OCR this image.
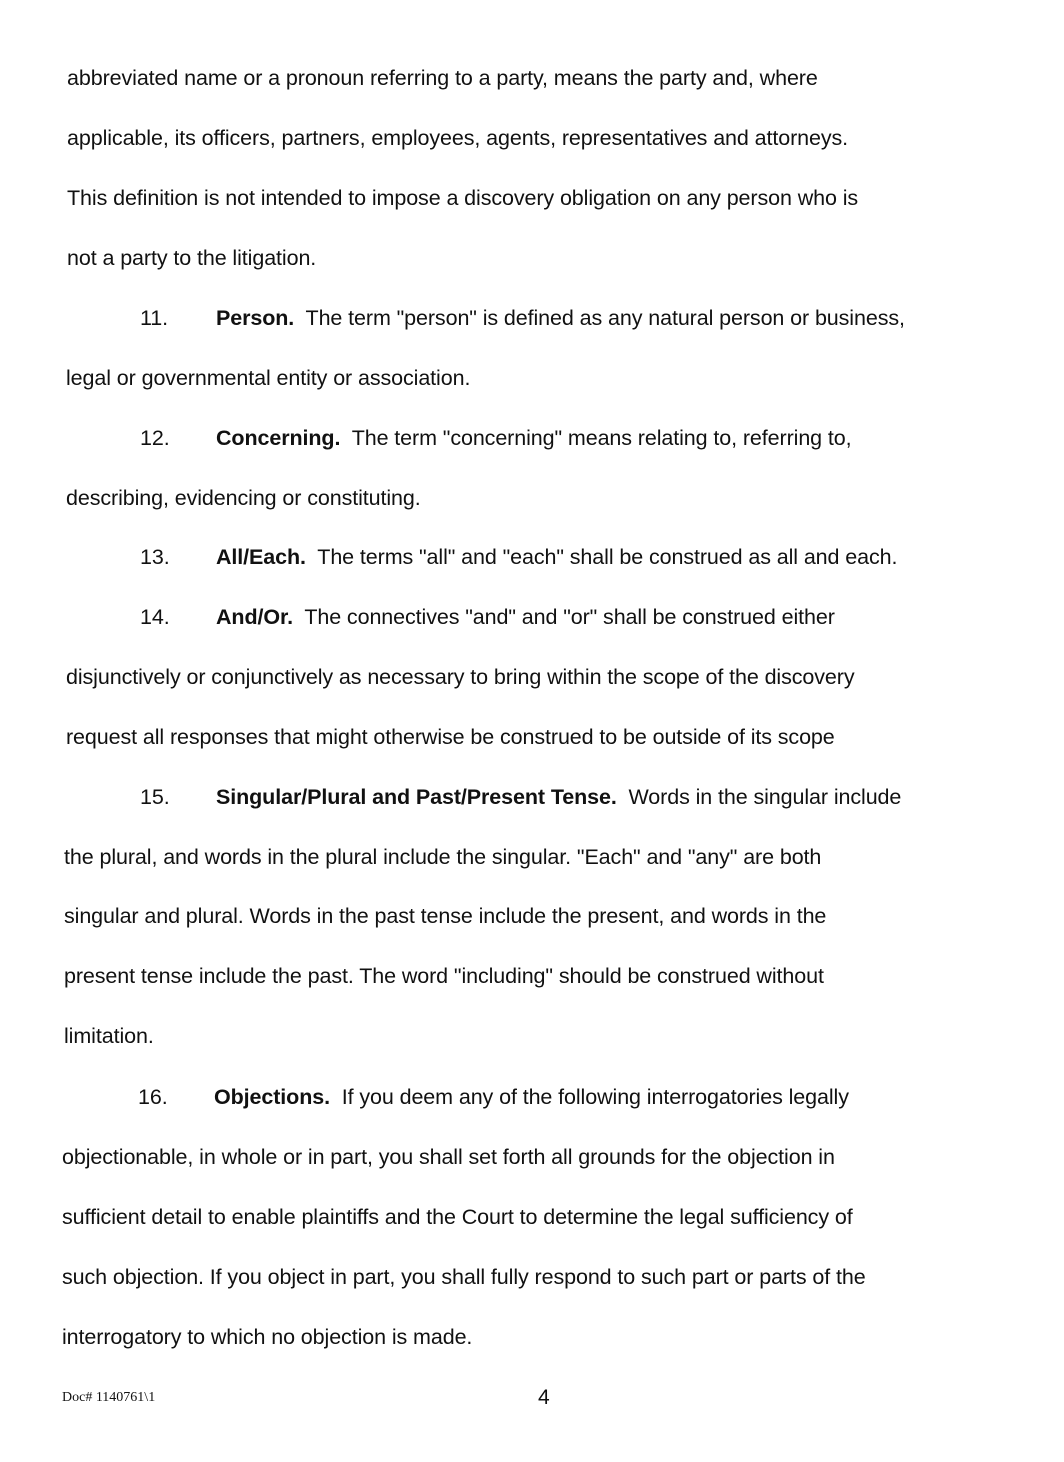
abbreviated name or a pronoun referring to a party, means the party and, where
applicable, its officers, partners, employees, agents, representatives and attorneys.
This definition is not intended to impose a discovery obligation on any person who is
not a party to the litigation.
11. Person. The term "person" is defined as any natural person or business,
legal or governmental entity or association.
12. Concerning. The term "concerning" means relating to, referring to,
describing, evidencing or constituting.
13. All/Each. The terms "all" and "each" shall be construed as all and each.
14. And/Or. The connectives "and" and "or" shall be construed either
disjunctively or conjunctively as necessary to bring within the scope of the discovery
request all responses that might otherwise be construed to be outside of its scope
15. Singular/Plural and Past/Present Tense. Words in the singular include
the plural, and words in the plural include the singular. "Each" and "any" are both
singular and plural. Words in the past tense include the present, and words in the
present tense include the past. The word "including" should be construed without
limitation.
16. Objections. If you deem any of the following interrogatories legally
objectionable, in whole or in part, you shall set forth all grounds for the objection in
sufficient detail to enable plaintiffs and the Court to determine the legal sufficiency of
such objection. If you object in part, you shall fully respond to such part or parts of the
interrogatory to which no objection is made.
Doc# 1140761\1	4
